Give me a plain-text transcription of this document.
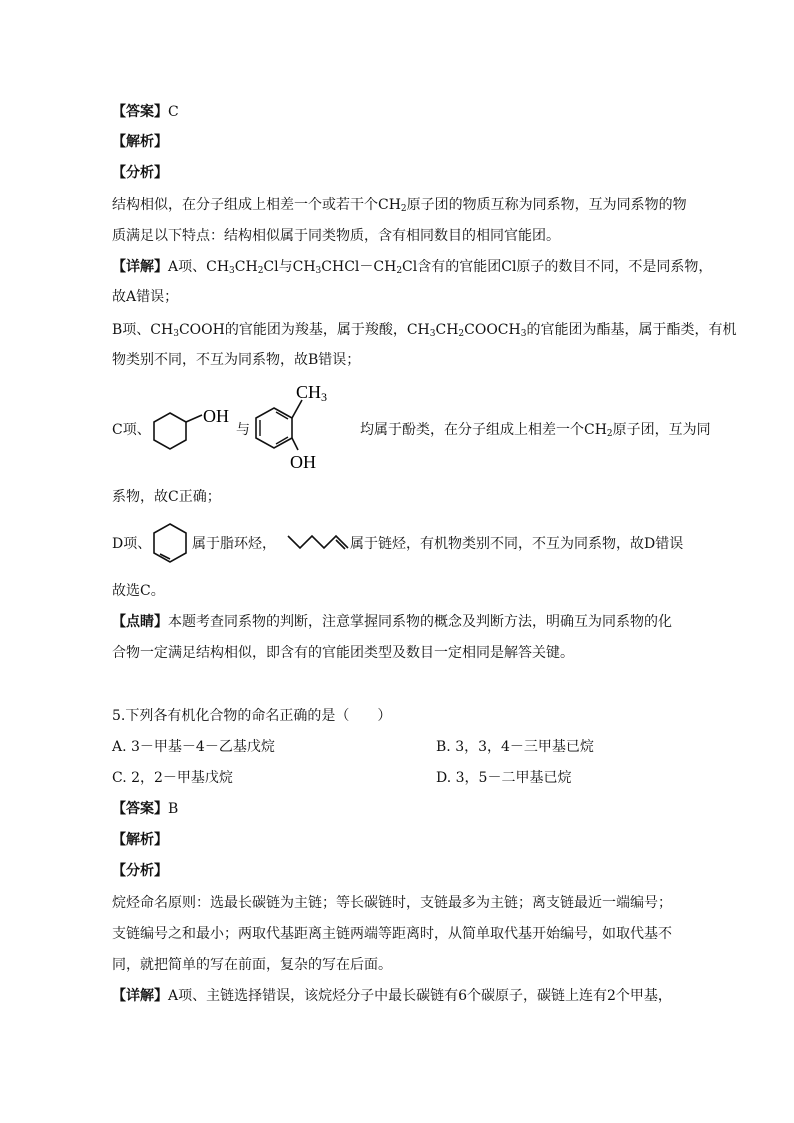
【答案】C
【解析】
【分析】
结构相似，在分子组成上相差一个或若干个$CH_2$原子团的物质互称为同系物，互为同系物的物
质满足以下特点：结构相似属于同类物质，含有相同数目的相同官能团。
【详解】A项、$CH_3CH_2Cl$与$CH_3CHCl-CH_2Cl$含有的官能团Cl原子的数目不同，不是同系物，
故A错误；
B项、$CH_3COOH$的官能团为羧基，属于羧酸，$CH_3CH_2COOCH_3$的官能团为酯基，属于酯类，有机
物类别不同，不互为同系物，故B错误；
C项、
OH
与
CH3
OH
均属于酚类，在分子组成上相差一个$CH_2$原子团，互为同
系物，故C正确；
D项、	属于脂环烃，	属于链烃，有机物类别不同，不互为同系物，故D错误
故选C。
【点睛】本题考查同系物的判断，注意掌握同系物的概念及判断方法，明确互为同系物的化
合物一定满足结构相似，即含有的官能团类型及数目一定相同是解答关键。
5.下列各有机化合物的命名正确的是（　　）
A. 3－甲基－4－乙基戊烷	B. 3，3，4－三甲基已烷
C. 2，2－甲基戊烷	D. 3，5－二甲基已烷
【答案】B
【解析】
【分析】
烷烃命名原则：选最长碳链为主链；等长碳链时，支链最多为主链；离支链最近一端编号；
支链编号之和最小；两取代基距离主链两端等距离时，从简单取代基开始编号，如取代基不
同，就把简单的写在前面，复杂的写在后面。
【详解】A项、主链选择错误，该烷烃分子中最长碳链有6个碳原子，碳链上连有2个甲基，
